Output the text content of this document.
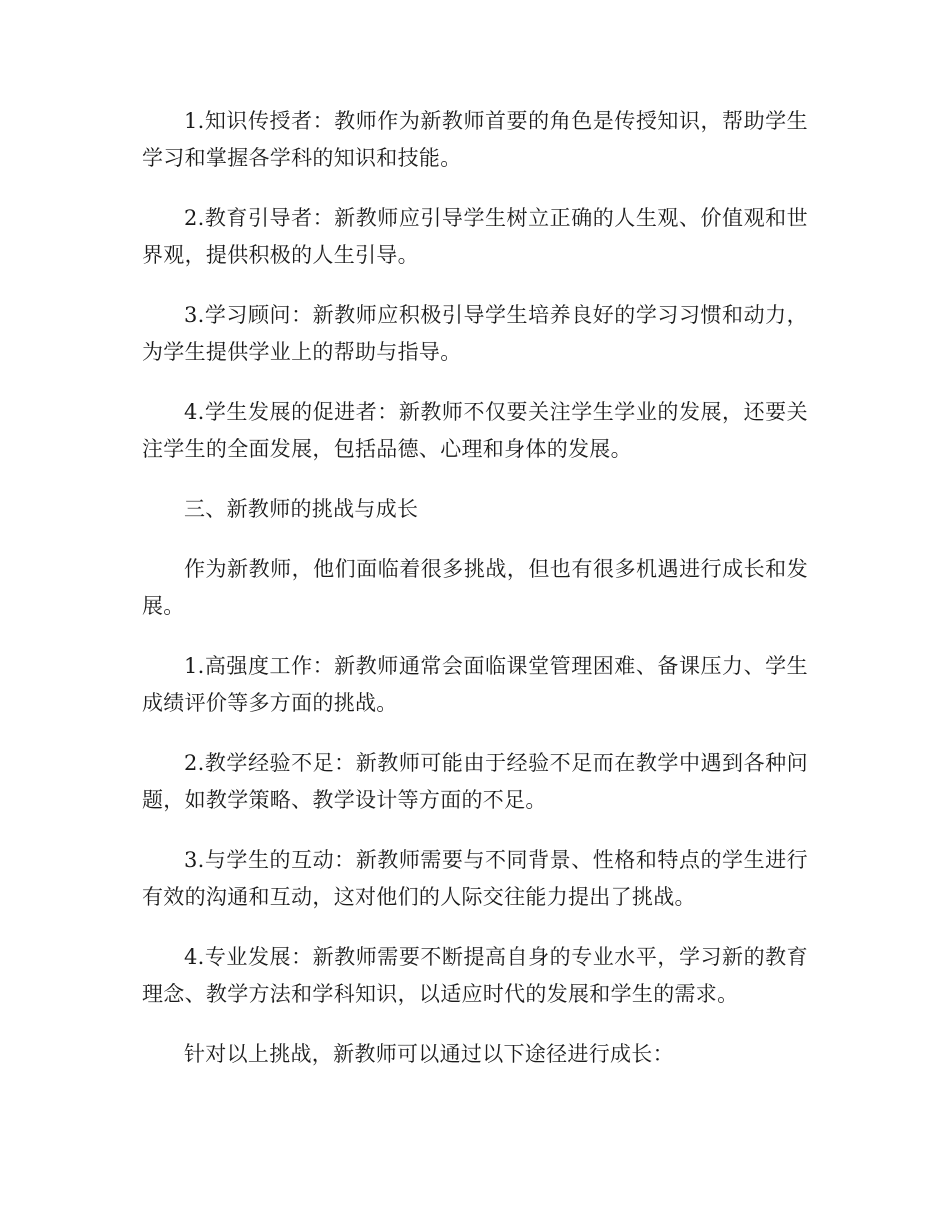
1.知识传授者：教师作为新教师首要的角色是传授知识，帮助学生学习和掌握各学科的知识和技能。

2.教育引导者：新教师应引导学生树立正确的人生观、价值观和世界观，提供积极的人生引导。

3.学习顾问：新教师应积极引导学生培养良好的学习习惯和动力，为学生提供学业上的帮助与指导。

4.学生发展的促进者：新教师不仅要关注学生学业的发展，还要关注学生的全面发展，包括品德、心理和身体的发展。

三、新教师的挑战与成长

作为新教师，他们面临着很多挑战，但也有很多机遇进行成长和发展。

1.高强度工作：新教师通常会面临课堂管理困难、备课压力、学生成绩评价等多方面的挑战。

2.教学经验不足：新教师可能由于经验不足而在教学中遇到各种问题，如教学策略、教学设计等方面的不足。

3.与学生的互动：新教师需要与不同背景、性格和特点的学生进行有效的沟通和互动，这对他们的人际交往能力提出了挑战。

4.专业发展：新教师需要不断提高自身的专业水平，学习新的教育理念、教学方法和学科知识，以适应时代的发展和学生的需求。

针对以上挑战，新教师可以通过以下途径进行成长：
